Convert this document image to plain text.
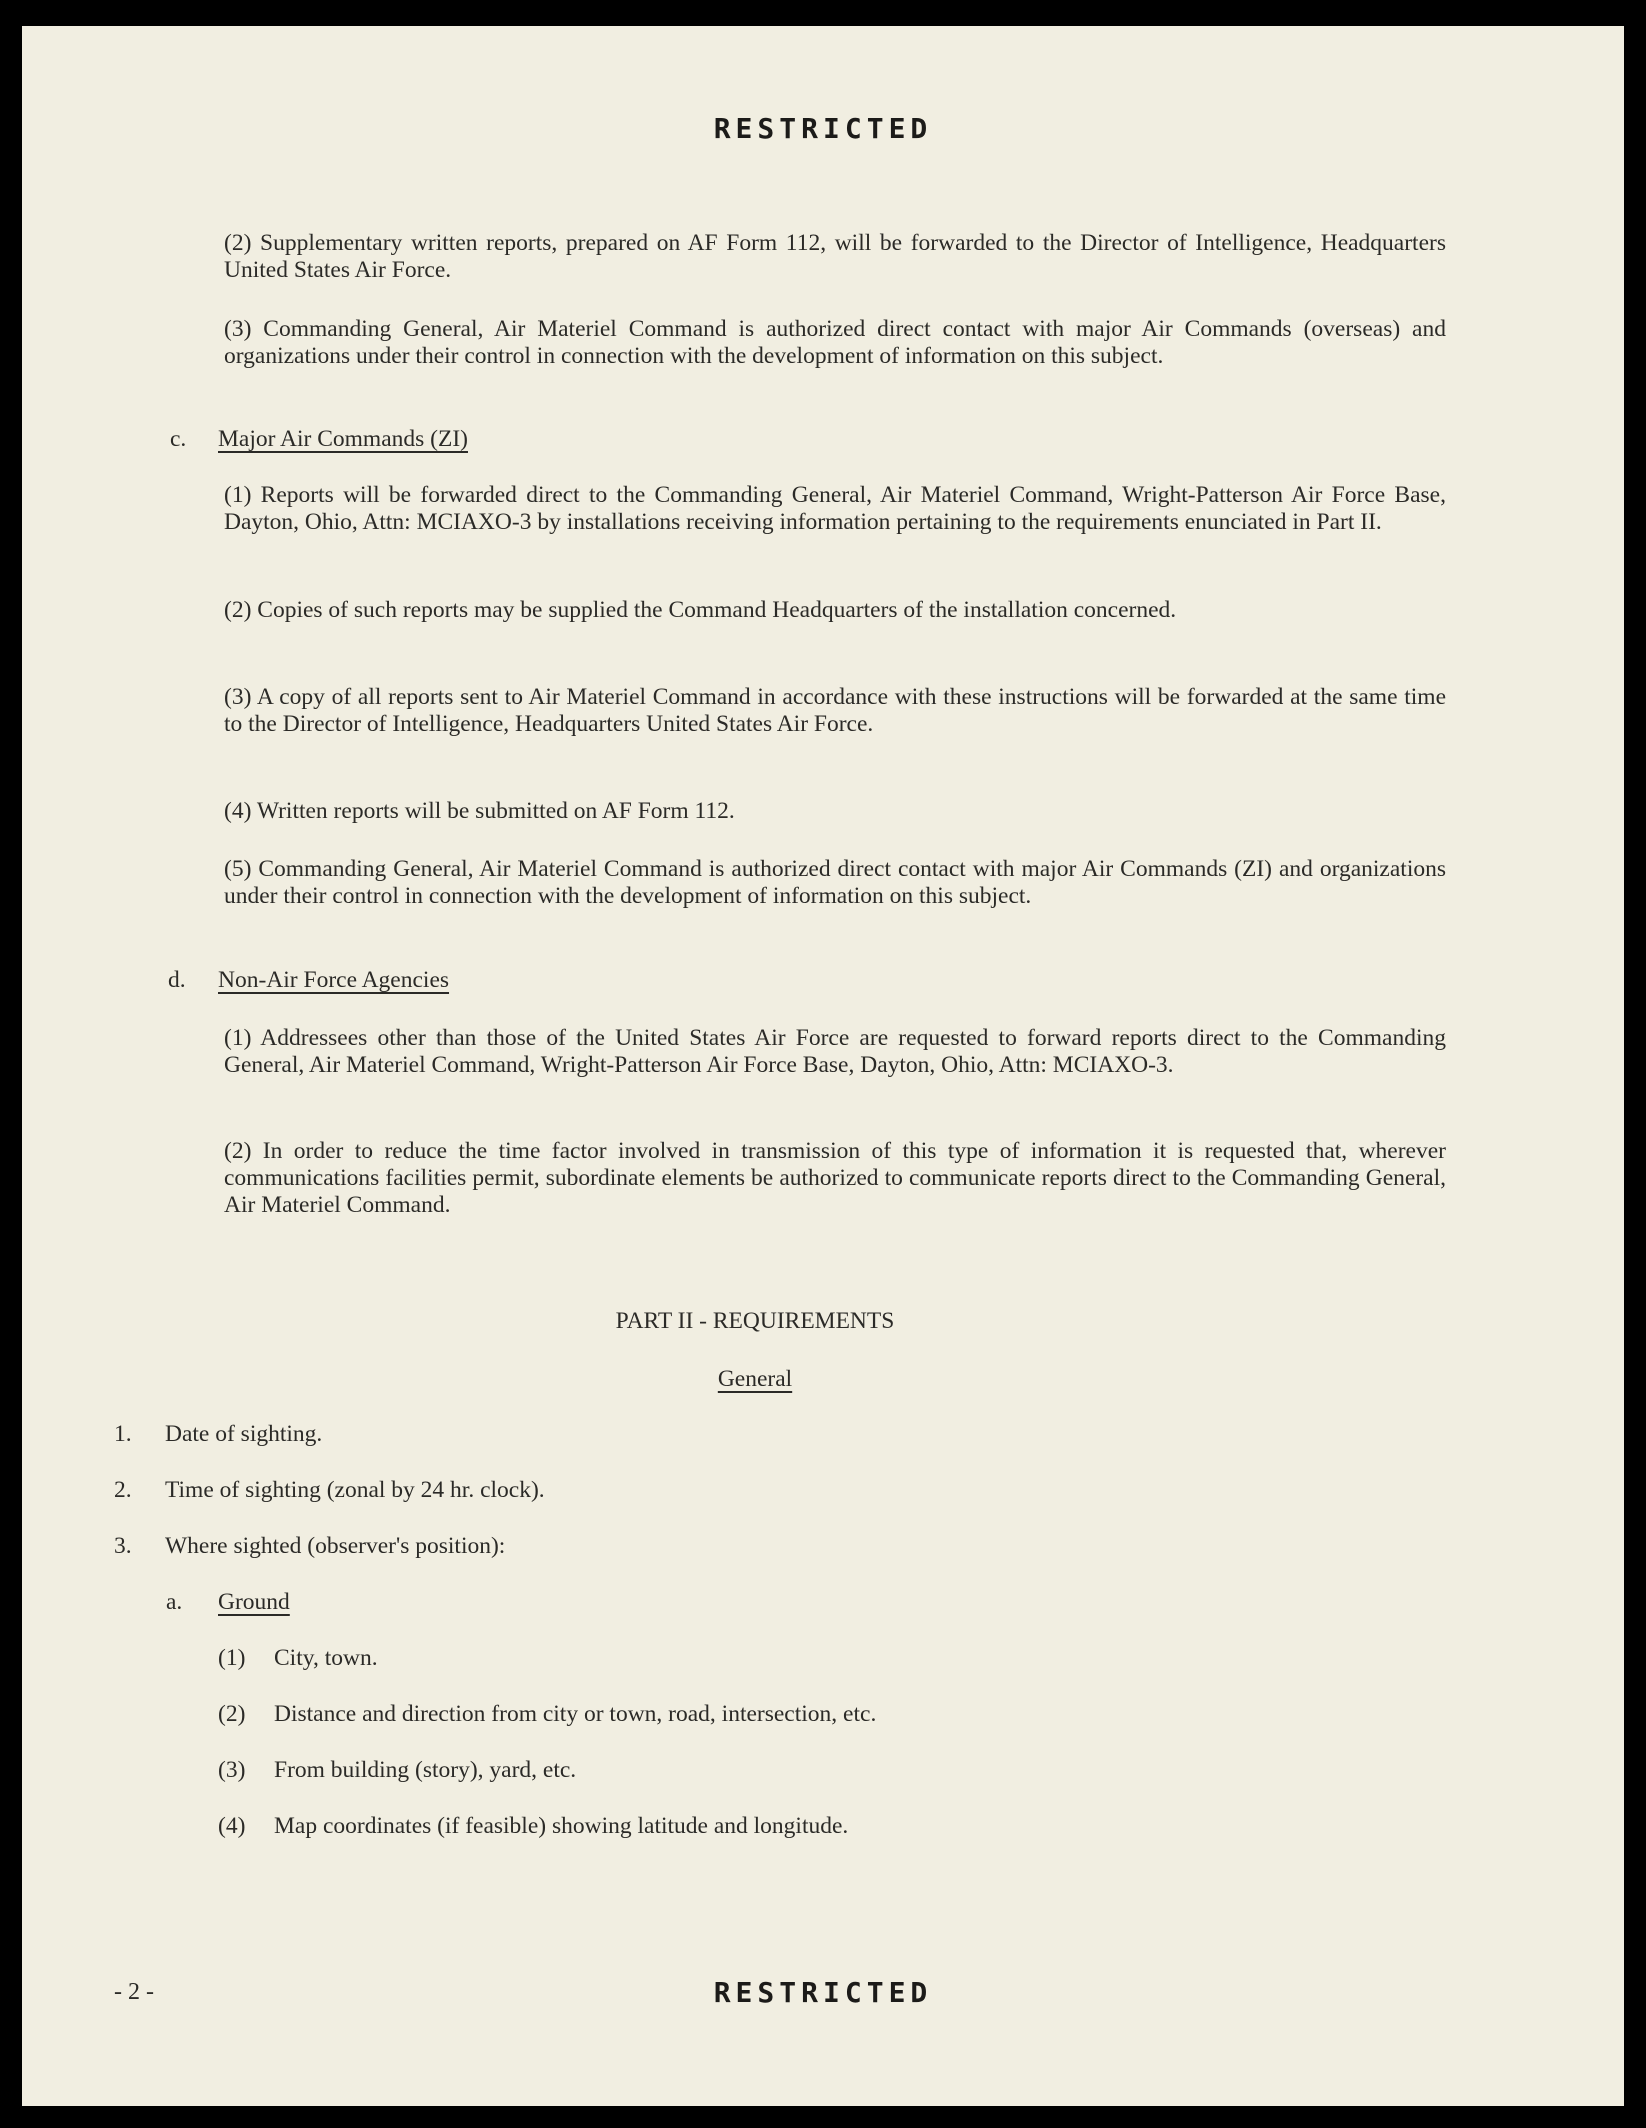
RESTRICTED
(2) Supplementary written reports, prepared on AF Form 112, will be forwarded to the Director of Intelligence, Headquarters United States Air Force.
(3) Commanding General, Air Materiel Command is authorized direct contact with major Air Commands (overseas) and organizations under their control in connection with the development of information on this subject.
c. Major Air Commands (ZI)
(1) Reports will be forwarded direct to the Commanding General, Air Materiel Command, Wright-Patterson Air Force Base, Dayton, Ohio, Attn: MCIAXO-3 by installations receiving information pertaining to the requirements enunciated in Part II.
(2) Copies of such reports may be supplied the Command Headquarters of the installation concerned.
(3) A copy of all reports sent to Air Materiel Command in accordance with these instructions will be forwarded at the same time to the Director of Intelligence, Headquarters United States Air Force.
(4) Written reports will be submitted on AF Form 112.
(5) Commanding General, Air Materiel Command is authorized direct contact with major Air Commands (ZI) and organizations under their control in connection with the development of information on this subject.
d. Non-Air Force Agencies
(1) Addressees other than those of the United States Air Force are requested to forward reports direct to the Commanding General, Air Materiel Command, Wright-Patterson Air Force Base, Dayton, Ohio, Attn: MCIAXO-3.
(2) In order to reduce the time factor involved in transmission of this type of information it is requested that, wherever communications facilities permit, subordinate elements be authorized to communicate reports direct to the Commanding General, Air Materiel Command.
PART II - REQUIREMENTS
General
1. Date of sighting.
2. Time of sighting (zonal by 24 hr. clock).
3. Where sighted (observer's position):
a. Ground
(1) City, town.
(2) Distance and direction from city or town, road, intersection, etc.
(3) From building (story), yard, etc.
(4) Map coordinates (if feasible) showing latitude and longitude.
- 2 -	RESTRICTED
